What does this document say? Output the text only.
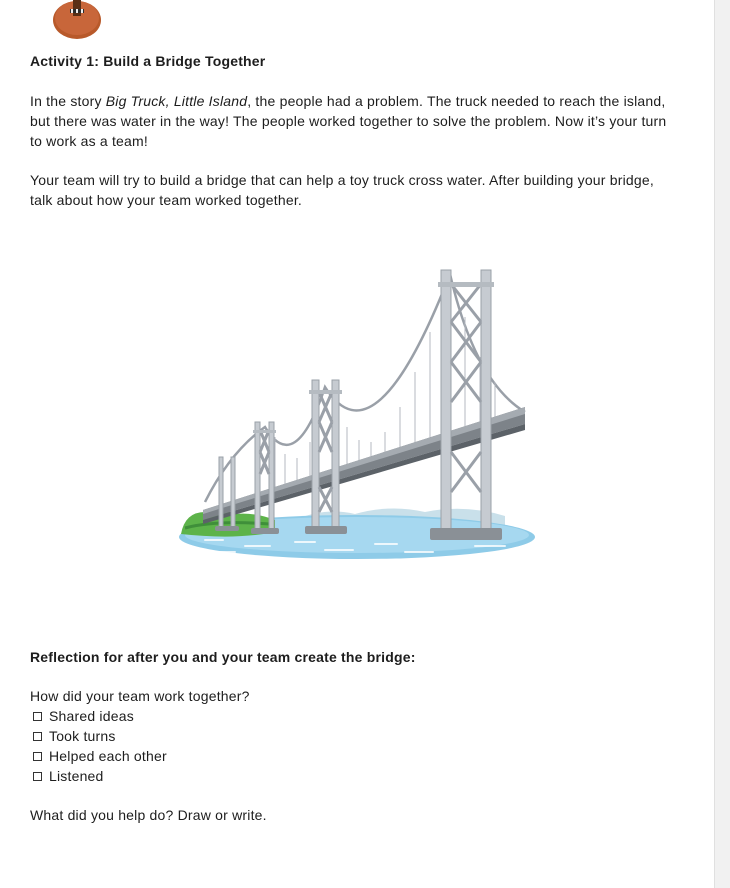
Activity 1: Build a Bridge Together
In the story Big Truck, Little Island, the people had a problem. The truck needed to reach the island, but there was water in the way! The people worked together to solve the problem. Now it’s your turn to work as a team!
Your team will try to build a bridge that can help a toy truck cross water. After building your bridge, talk about how your team worked together.
Reflection for after you and your team create the bridge:
How did your team work together?
Shared ideas
Took turns
Helped each other
Listened
What did you help do? Draw or write.
